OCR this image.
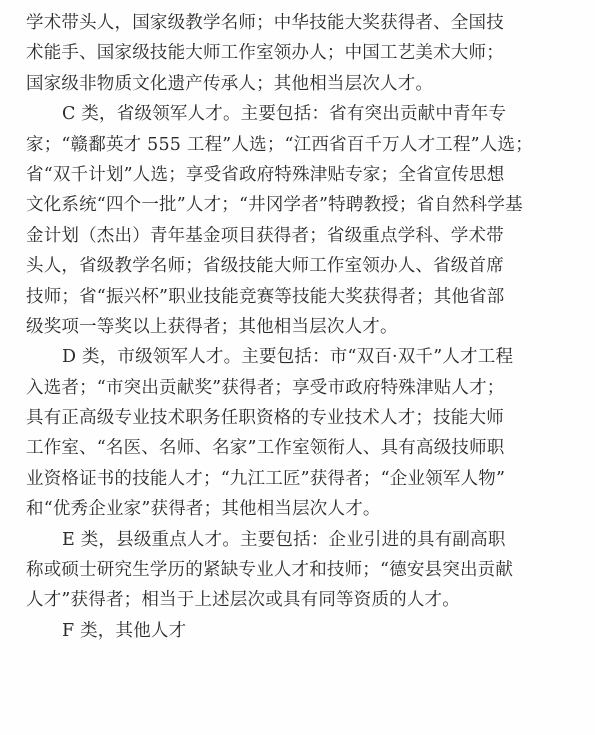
学术带头人，国家级教学名师；中华技能大奖获得者、全国技
术能手、国家级技能大师工作室领办人；中国工艺美术大师；
国家级非物质文化遗产传承人；其他相当层次人才。
C 类，省级领军人才。主要包括：省有突出贡献中青年专
家；“赣鄱英才 555 工程”人选；“江西省百千万人才工程”人选；
省“双千计划”人选；享受省政府特殊津贴专家；全省宣传思想
文化系统“四个一批”人才；“井冈学者”特聘教授；省自然科学基
金计划（杰出）青年基金项目获得者；省级重点学科、学术带
头人，省级教学名师；省级技能大师工作室领办人、省级首席
技师；省“振兴杯”职业技能竞赛等技能大奖获得者；其他省部
级奖项一等奖以上获得者；其他相当层次人才。
D 类，市级领军人才。主要包括：市“双百·双千”人才工程
入选者；“市突出贡献奖”获得者；享受市政府特殊津贴人才；
具有正高级专业技术职务任职资格的专业技术人才；技能大师
工作室、“名医、名师、名家”工作室领衔人、具有高级技师职
业资格证书的技能人才；“九江工匠”获得者；“企业领军人物”
和“优秀企业家”获得者；其他相当层次人才。
E 类，县级重点人才。主要包括：企业引进的具有副高职
称或硕士研究生学历的紧缺专业人才和技师；“德安县突出贡献
人才”获得者；相当于上述层次或具有同等资质的人才。
F 类，其他人才
